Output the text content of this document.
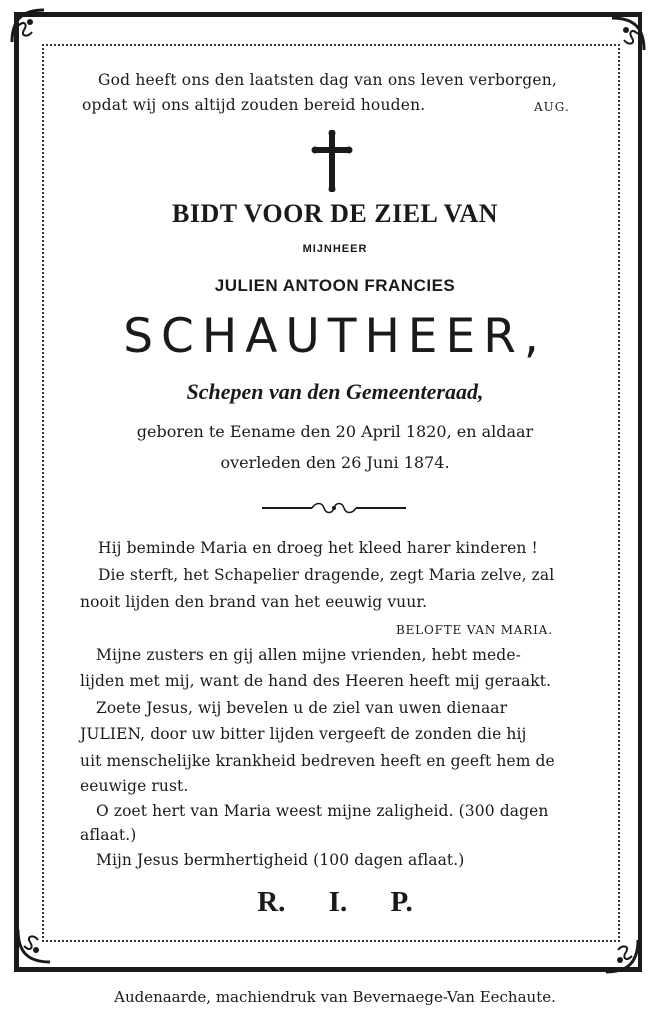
God heeft ons den laatsten dag van ons leven verborgen,
opdat wij ons altijd zouden bereid houden.	AUG.
BIDT VOOR DE ZIEL VAN
MIJNHEER
JULIEN ANTOON FRANCIES
SCHAUTHEER,
Schepen van den Gemeenteraad,
geboren te Eename den 20 April 1820, en aldaar
overleden den 26 Juni 1874.
Hij beminde Maria en droeg het kleed harer kinderen !
Die sterft, het Schapelier dragende, zegt Maria zelve, zal
nooit lijden den brand van het eeuwig vuur.
BELOFTE VAN MARIA.
Mijne zusters en gij allen mijne vrienden, hebt mede-
lijden met mij, want de hand des Heeren heeft mij geraakt.
Zoete Jesus, wij bevelen u de ziel van uwen dienaar
JULIEN, door uw bitter lijden vergeeft de zonden die hij
uit menschelijke krankheid bedreven heeft en geeft hem de
eeuwige rust.
O zoet hert van Maria weest mijne zaligheid. (300 dagen
aflaat.)
Mijn Jesus bermhertigheid (100 dagen aflaat.)
R. I. P.
Audenaarde, machiendruk van Bevernaege-Van Eechaute.
